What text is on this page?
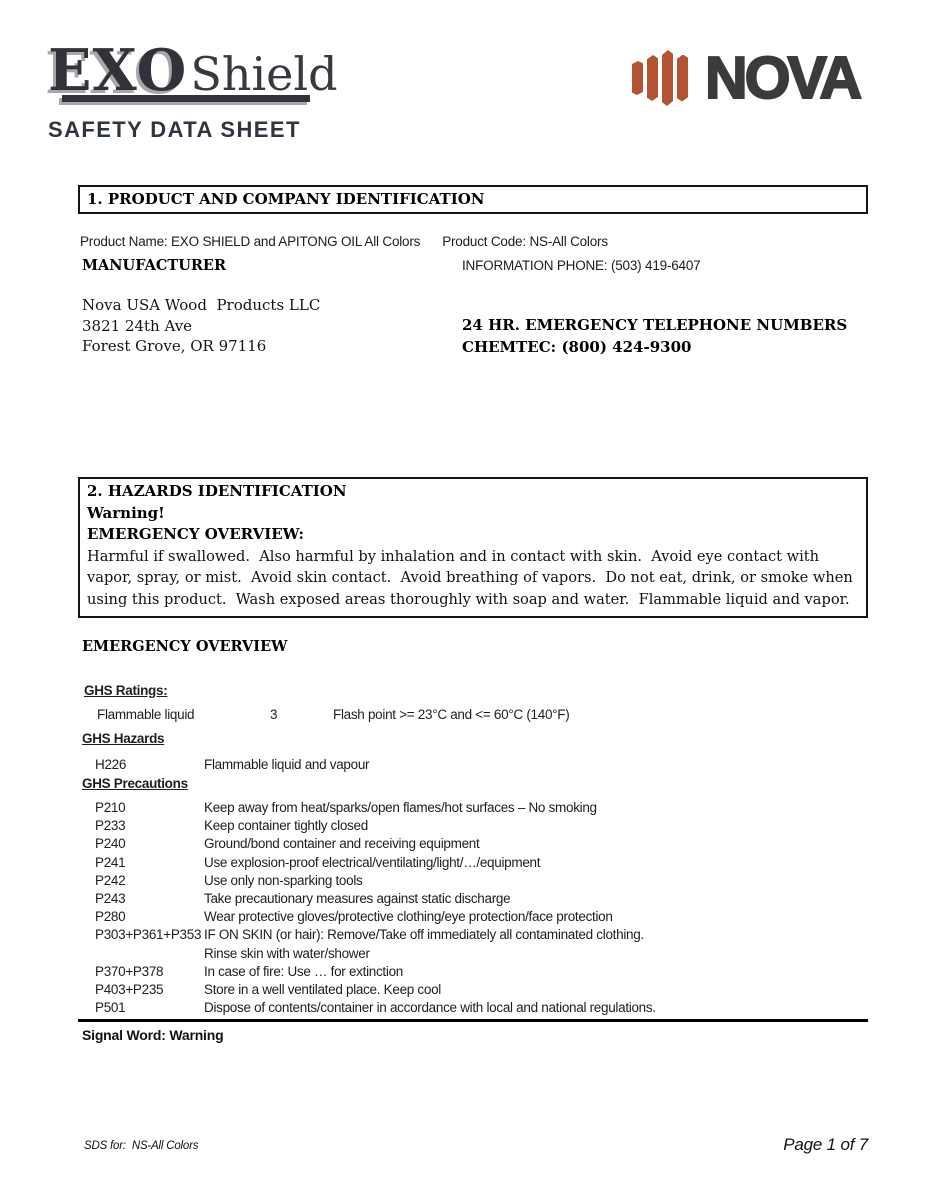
EXO Shield
SAFETY DATA SHEET
NOVA
1. PRODUCT AND COMPANY IDENTIFICATION
Product Name: EXO SHIELD and APITONG OIL All Colors Product Code: NS-All Colors
MANUFACTURER	INFORMATION PHONE: (503) 419-6407
Nova USA Wood  Products LLC
3821 24th Ave
Forest Grove, OR 97116
24 HR. EMERGENCY TELEPHONE NUMBERS
CHEMTEC: (800) 424-9300
2. HAZARDS IDENTIFICATION
Warning!
EMERGENCY OVERVIEW:
Harmful if swallowed.  Also harmful by inhalation and in contact with skin.  Avoid eye contact with vapor, spray, or mist.  Avoid skin contact.  Avoid breathing of vapors.  Do not eat, drink, or smoke when using this product.  Wash exposed areas thoroughly with soap and water.  Flammable liquid and vapor.
EMERGENCY OVERVIEW
GHS Ratings:
Flammable liquid	3	Flash point >= 23°C and <= 60°C (140°F)
GHS Hazards
H226	Flammable liquid and vapour
GHS Precautions
P210	Keep away from heat/sparks/open flames/hot surfaces – No smoking
P233	Keep container tightly closed
P240	Ground/bond container and receiving equipment
P241	Use explosion-proof electrical/ventilating/light/…/equipment
P242	Use only non-sparking tools
P243	Take precautionary measures against static discharge
P280	Wear protective gloves/protective clothing/eye protection/face protection
P303+P361+P353 IF ON SKIN (or hair): Remove/Take off immediately all contaminated clothing.
Rinse skin with water/shower
P370+P378	In case of fire: Use … for extinction
P403+P235	Store in a well ventilated place. Keep cool
P501	Dispose of contents/container in accordance with local and national regulations.
Signal Word: Warning
SDS for:  NS-All Colors	Page 1 of 7
